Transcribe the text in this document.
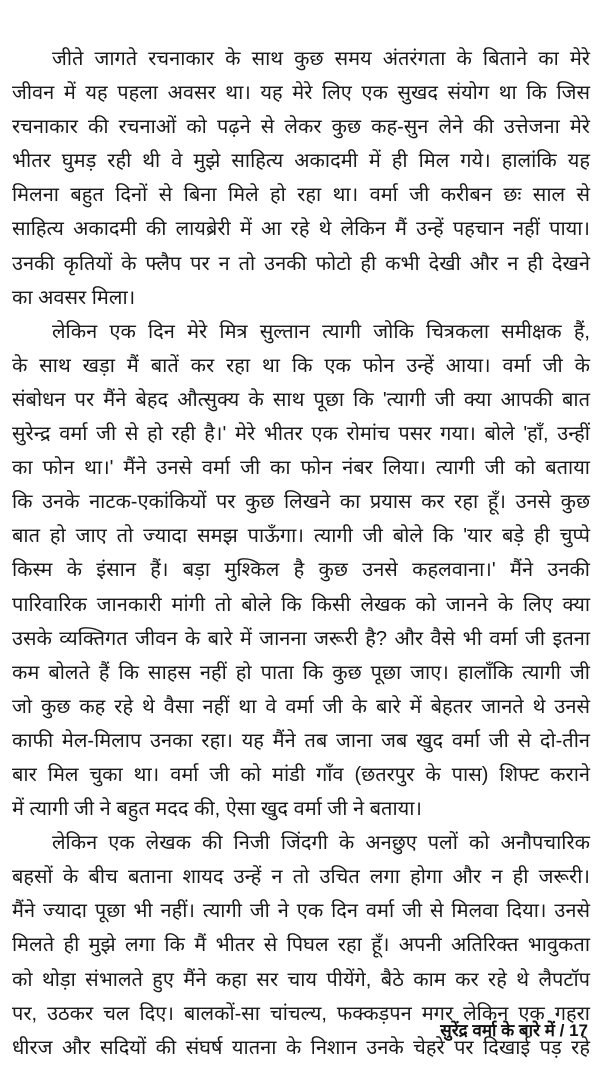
जीते जागते रचनाकार के साथ कुछ समय अंतरंगता के बिताने का मेरे
जीवन में यह पहला अवसर था। यह मेरे लिए एक सुखद संयोग था कि जिस
रचनाकार की रचनाओं को पढ़ने से लेकर कुछ कह-सुन लेने की उत्तेजना मेरे
भीतर घुमड़ रही थी वे मुझे साहित्य अकादमी में ही मिल गये। हालांकि यह
मिलना बहुत दिनों से बिना मिले हो रहा था। वर्मा जी करीबन छः साल से
साहित्य अकादमी की लायब्रेरी में आ रहे थे लेकिन मैं उन्हें पहचान नहीं पाया।
उनकी कृतियों के फ्लैप पर न तो उनकी फोटो ही कभी देखी और न ही देखने
का अवसर मिला।
लेकिन एक दिन मेरे मित्र सुल्तान त्यागी जोकि चित्रकला समीक्षक हैं,
के साथ खड़ा मैं बातें कर रहा था कि एक फोन उन्हें आया। वर्मा जी के
संबोधन पर मैंने बेहद औत्सुक्य के साथ पूछा कि 'त्यागी जी क्या आपकी बात
सुरेन्द्र वर्मा जी से हो रही है।' मेरे भीतर एक रोमांच पसर गया। बोले 'हाँ, उन्हीं
का फोन था।' मैंने उनसे वर्मा जी का फोन नंबर लिया। त्यागी जी को बताया
कि उनके नाटक-एकांकियों पर कुछ लिखने का प्रयास कर रहा हूँ। उनसे कुछ
बात हो जाए तो ज्यादा समझ पाऊँगा। त्यागी जी बोले कि 'यार बड़े ही चुप्पे
किस्म के इंसान हैं। बड़ा मुश्किल है कुछ उनसे कहलवाना।' मैंने उनकी
पारिवारिक जानकारी मांगी तो बोले कि किसी लेखक को जानने के लिए क्या
उसके व्यक्तिगत जीवन के बारे में जानना जरूरी है? और वैसे भी वर्मा जी इतना
कम बोलते हैं कि साहस नहीं हो पाता कि कुछ पूछा जाए। हालाँकि त्यागी जी
जो कुछ कह रहे थे वैसा नहीं था वे वर्मा जी के बारे में बेहतर जानते थे उनसे
काफी मेल-मिलाप उनका रहा। यह मैंने तब जाना जब खुद वर्मा जी से दो-तीन
बार मिल चुका था। वर्मा जी को मांडी गाँव (छतरपुर के पास) शिफ्ट कराने
में त्यागी जी ने बहुत मदद की, ऐसा खुद वर्मा जी ने बताया।
लेकिन एक लेखक की निजी जिंदगी के अनछुए पलों को अनौपचारिक
बहसों के बीच बताना शायद उन्हें न तो उचित लगा होगा और न ही जरूरी।
मैंने ज्यादा पूछा भी नहीं। त्यागी जी ने एक दिन वर्मा जी से मिलवा दिया। उनसे
मिलते ही मुझे लगा कि मैं भीतर से पिघल रहा हूँ। अपनी अतिरिक्त भावुकता
को थोड़ा संभालते हुए मैंने कहा सर चाय पीयेंगे, बैठे काम कर रहे थे लैपटॉप
पर, उठकर चल दिए। बालकों-सा चांचल्य, फक्कड़पन मगर लेकिन एक गहरा
धीरज और सदियों की संघर्ष यातना के निशान उनके चेहरे पर दिखाई पड़ रहे
सुरेंद्र वर्मा के बारे में / 17
